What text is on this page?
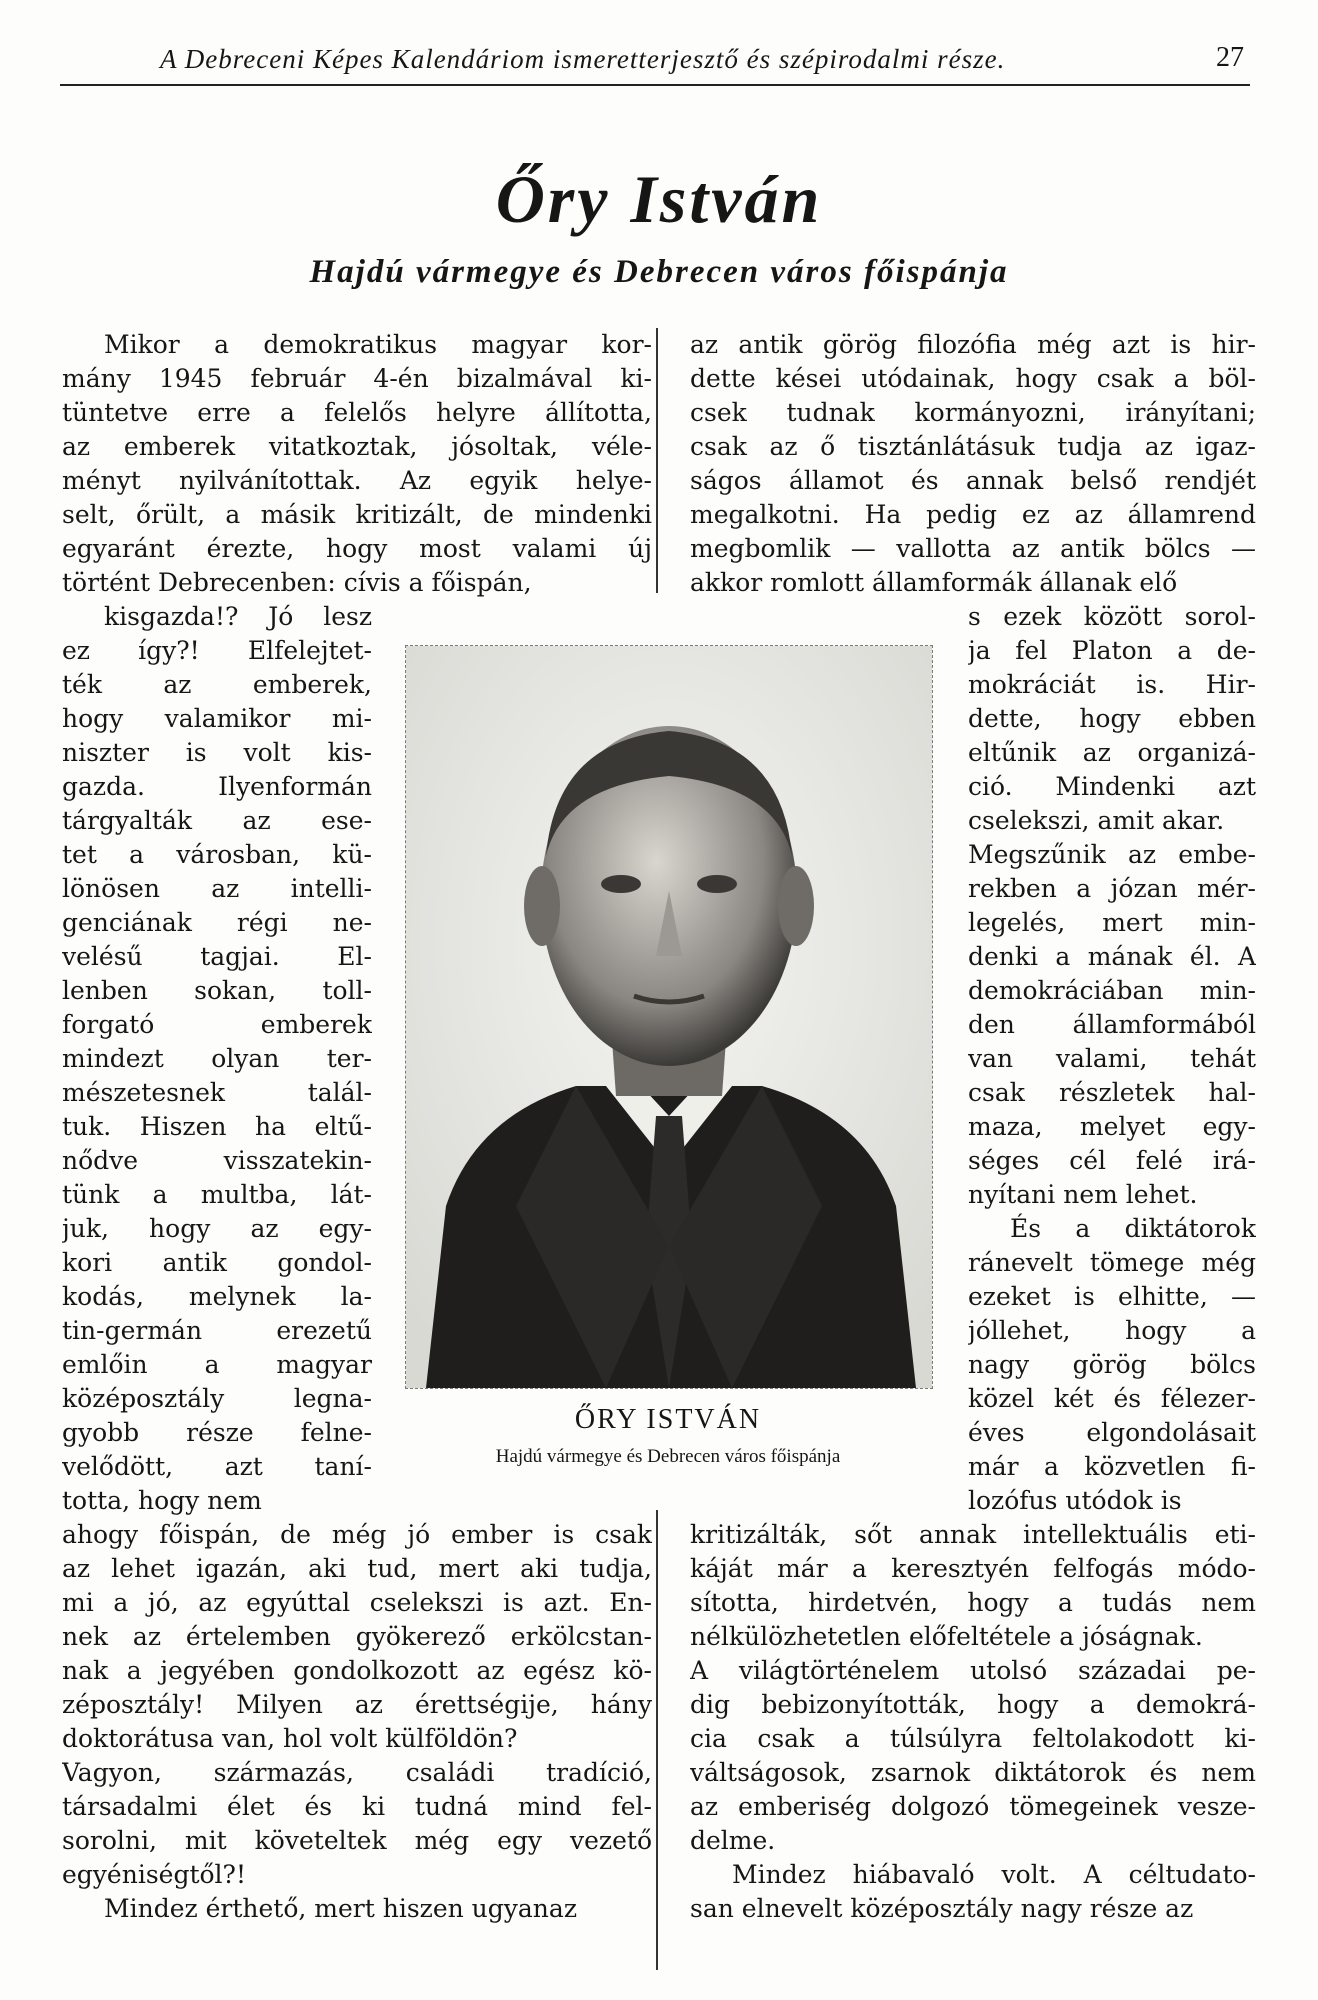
A Debreceni Képes Kalendáriom ismeretterjesztő és szépirodalmi része.	27
Őry István
Hajdú vármegye és Debrecen város főispánja
Mikor a demokratikus magyar kor-
mány 1945 február 4-én bizalmával ki-
tüntetve erre a felelős helyre állította,
az emberek vitatkoztak, jósoltak, véle-
ményt nyilvánítottak. Az egyik helye-
selt, őrült, a másik kritizált, de mindenki
egyaránt érezte, hogy most valami új
történt Debrecenben: cívis a főispán,
kisgazda!? Jó lesz
ez így?! Elfelejtet-
ték az emberek,
hogy valamikor mi-
niszter is volt kis-
gazda. Ilyenformán
tárgyalták az ese-
tet a városban, kü-
lönösen az intelli-
genciának régi ne-
velésű tagjai. El-
lenben sokan, toll-
forgató emberek
mindezt olyan ter-
mészetesnek talál-
tuk. Hiszen ha eltű-
nődve visszatekin-
tünk a multba, lát-
juk, hogy az egy-
kori antik gondol-
kodás, melynek la-
tin-germán erezetű
emlőin a magyar
középosztály legna-
gyobb része felne-
velődött, azt taní-
totta, hogy nem
ahogy főispán, de még jó ember is csak
az lehet igazán, aki tud, mert aki tudja,
mi a jó, az egyúttal cselekszi is azt. En-
nek az értelemben gyökerező erkölcstan-
nak a jegyében gondolkozott az egész kö-
zéposztály! Milyen az érettségije, hány
doktorátusa van, hol volt külföldön?
Vagyon, származás, családi tradíció,
társadalmi élet és ki tudná mind fel-
sorolni, mit követeltek még egy vezető
egyéniségtől?!
Mindez érthető, mert hiszen ugyanaz
az antik görög filozófia még azt is hir-
dette kései utódainak, hogy csak a böl-
csek tudnak kormányozni, irányítani;
csak az ő tisztánlátásuk tudja az igaz-
ságos államot és annak belső rendjét
megalkotni. Ha pedig ez az államrend
megbomlik — vallotta az antik bölcs —
akkor romlott államformák állanak elő
s ezek között sorol-
ja fel Platon a de-
mokráciát is. Hir-
dette, hogy ebben
eltűnik az organizá-
ció. Mindenki azt
cselekszi, amit akar.
Megszűnik az embe-
rekben a józan mér-
legelés, mert min-
denki a mának él. A
demokráciában min-
den államformából
van valami, tehát
csak részletek hal-
maza, melyet egy-
séges cél felé irá-
nyítani nem lehet.
És a diktátorok
ránevelt tömege még
ezeket is elhitte, —
jóllehet, hogy a
nagy görög bölcs
közel két és félezer-
éves elgondolásait
már a közvetlen fi-
lozófus utódok is
kritizálták, sőt annak intellektuális eti-
káját már a keresztyén felfogás módo-
sította, hirdetvén, hogy a tudás nem
nélkülözhetetlen előfeltétele a jóságnak.
A világtörténelem utolsó századai pe-
dig bebizonyították, hogy a demokrá-
cia csak a túlsúlyra feltolakodott ki-
váltságosok, zsarnok diktátorok és nem
az emberiség dolgozó tömegeinek vesze-
delme.
Mindez hiábavaló volt. A céltudato-
san elnevelt középosztály nagy része az
ŐRY ISTVÁN
Hajdú vármegye és Debrecen város főispánja
